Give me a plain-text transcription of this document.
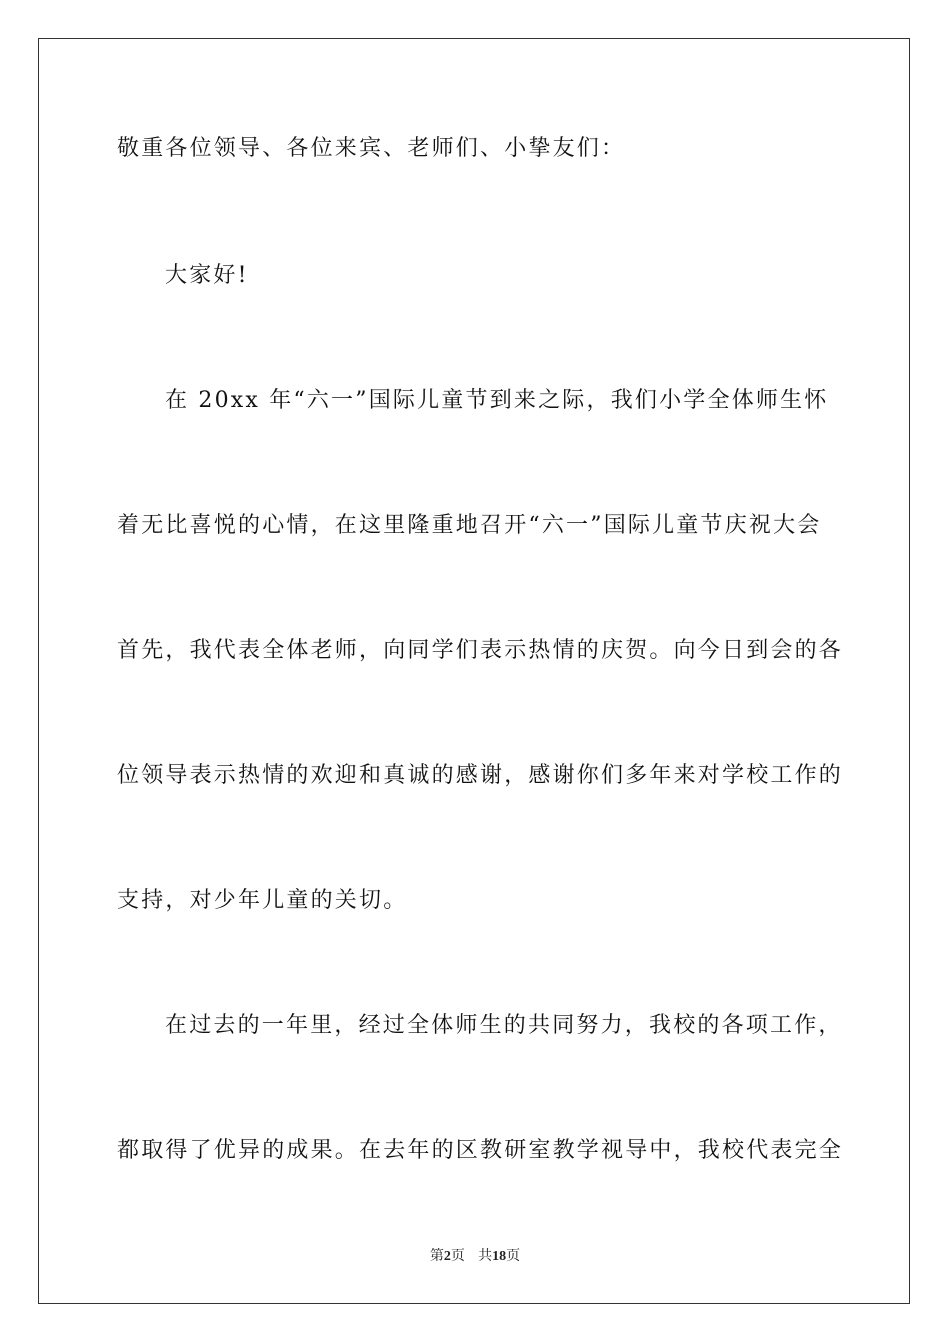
敬重各位领导、各位来宾、老师们、小挚友们：
大家好!
在 20xx 年“六一”国际儿童节到来之际，我们小学全体师生怀
着无比喜悦的心情，在这里隆重地召开“六一”国际儿童节庆祝大会
首先，我代表全体老师，向同学们表示热情的庆贺。向今日到会的各
位领导表示热情的欢迎和真诚的感谢，感谢你们多年来对学校工作的
支持，对少年儿童的关切。
在过去的一年里，经过全体师生的共同努力，我校的各项工作，
都取得了优异的成果。在去年的区教研室教学视导中，我校代表完全
第2页 共18页
